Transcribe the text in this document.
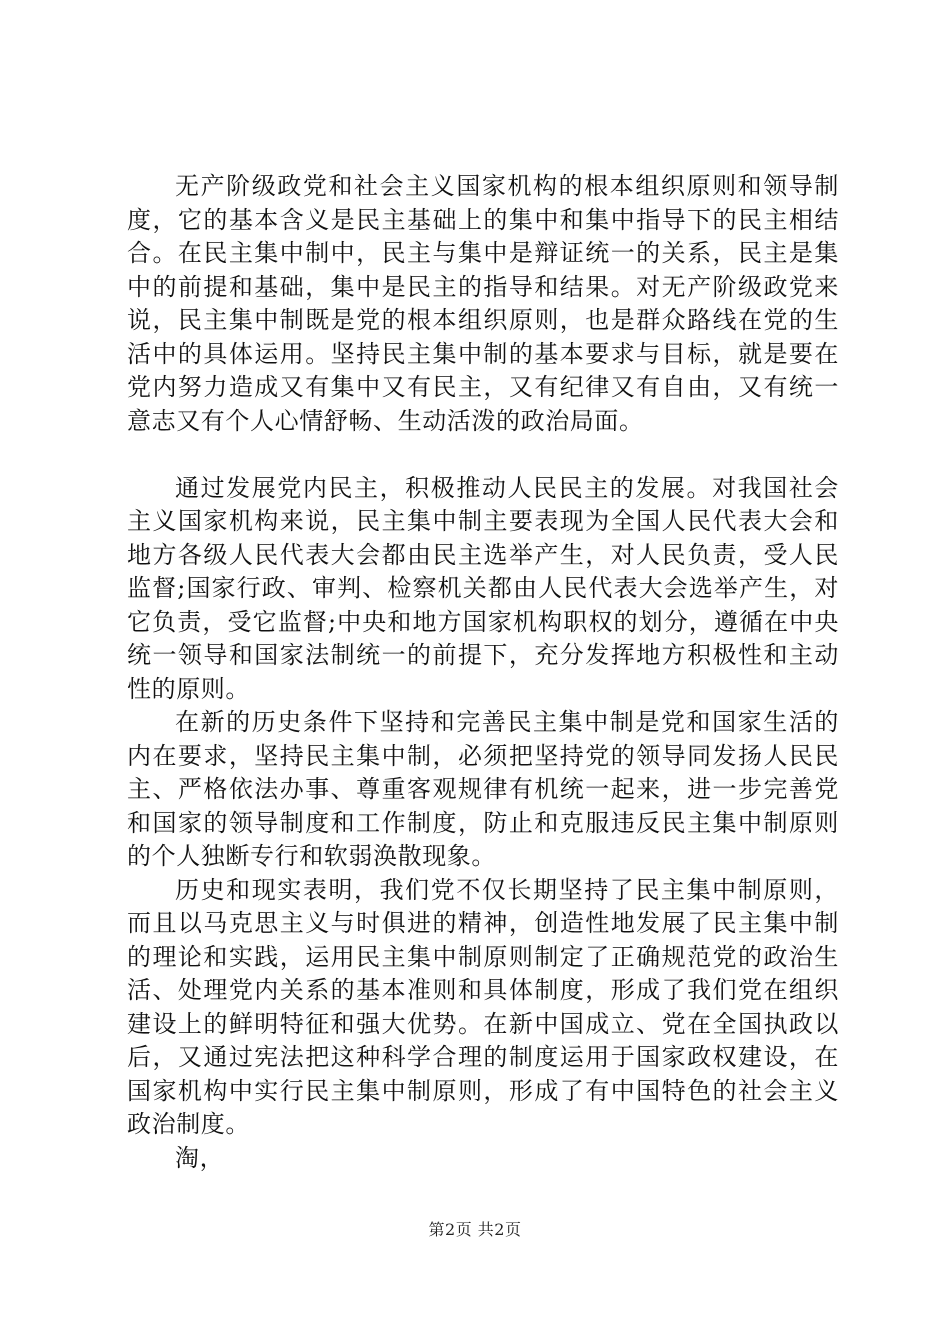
无产阶级政党和社会主义国家机构的根本组织原则和领导制度，它的基本含义是民主基础上的集中和集中指导下的民主相结合。在民主集中制中，民主与集中是辩证统一的关系，民主是集中的前提和基础，集中是民主的指导和结果。对无产阶级政党来说，民主集中制既是党的根本组织原则，也是群众路线在党的生活中的具体运用。坚持民主集中制的基本要求与目标，就是要在党内努力造成又有集中又有民主，又有纪律又有自由，又有统一意志又有个人心情舒畅、生动活泼的政治局面。

通过发展党内民主，积极推动人民民主的发展。对我国社会主义国家机构来说，民主集中制主要表现为全国人民代表大会和地方各级人民代表大会都由民主选举产生，对人民负责，受人民监督;国家行政、审判、检察机关都由人民代表大会选举产生，对它负责，受它监督;中央和地方国家机构职权的划分，遵循在中央统一领导和国家法制统一的前提下，充分发挥地方积极性和主动性的原则。

在新的历史条件下坚持和完善民主集中制是党和国家生活的内在要求，坚持民主集中制，必须把坚持党的领导同发扬人民民主、严格依法办事、尊重客观规律有机统一起来，进一步完善党和国家的领导制度和工作制度，防止和克服违反民主集中制原则的个人独断专行和软弱涣散现象。

历史和现实表明，我们党不仅长期坚持了民主集中制原则，而且以马克思主义与时俱进的精神，创造性地发展了民主集中制的理论和实践，运用民主集中制原则制定了正确规范党的政治生活、处理党内关系的基本准则和具体制度，形成了我们党在组织建设上的鲜明特征和强大优势。在新中国成立、党在全国执政以后，又通过宪法把这种科学合理的制度运用于国家政权建设，在国家机构中实行民主集中制原则，形成了有中国特色的社会主义政治制度。

淘，

第2页 共2页
